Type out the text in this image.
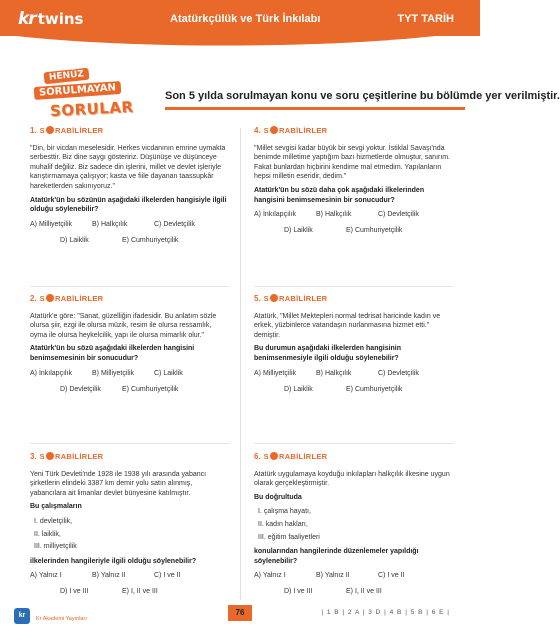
kr twins	Atatürkçülük ve Türk İnkılabı	TYT TARİH
HENÜZ
SORULMAYAN
SORULAR
Son 5 yılda sorulmayan konu ve soru çeşitlerine bu bölümde yer verilmiştir.
1. S RABİLİRLER
"Din, bir vicdan meselesidir. Herkes vicdanının emrine uymakta serbesttir. Biz dine saygı gösteririz. Düşünüşe ve düşünceye muhalif değiliz. Biz sadece din işlerini, millet ve devlet işleriyle karıştırmamaya çalışıyor; kasta ve fiile dayanan taassupkâr hareketlerden sakınıyoruz."
Atatürk'ün bu sözünün aşağıdaki ilkelerden hangisiyle ilgili olduğu söylenebilir?
A) Milliyetçilik	B) Halkçılık	C) Devletçilik
D) Laiklik	E) Cumhuriyetçilik
2. S RABİLİRLER
Atatürk'e göre: "Sanat, güzelliğin ifadesidir. Bu anlatım sözle olursa şiir, ezgi ile olursa müzik, resim ile olursa ressamlık, oyma ile olursa heykelcilik, yapı ile olursa mimarlık olur."
Atatürk'ün bu sözü aşağıdaki ilkelerden hangisini benimsemesinin bir sonucudur?
A) İnkılapçılık	B) Milliyetçilik	C) Laiklik
D) Devletçilik	E) Cumhuriyetçilik
3. S RABİLİRLER
Yeni Türk Devleti'nde 1928 ile 1938 yılı arasında yabancı şirketlerin elindeki 3387 km demir yolu satın alınmış, yabancılara ait limanlar devlet bünyesine katılmıştır.
Bu çalışmaların
I. devletçilik,
II. laiklik,
III. milliyetçilik
ilkelerinden hangileriyle ilgili olduğu söylenebilir?
A) Yalnız I	B) Yalnız II	C) I ve II
D) I ve III	E) I, II ve III
4. S RABİLİRLER
"Millet sevgisi kadar büyük bir sevgi yoktur. İstiklal Savaşı'nda benimde milletime yaptığım bazı hizmetlerde olmuştur, sanırım. Fakat bunlardan hiçbirini kendime mal etmedim. Yapılanların hepsi milletin eseridir, dedim."
Atatürk'ün bu sözü daha çok aşağıdaki ilkelerinden hangisini benimsemesinin bir sonucudur?
A) İnkılapçılık	B) Halkçılık	C) Devletçilik
D) Laiklik	E) Cumhuriyetçilik
5. S RABİLİRLER
Atatürk, "Millet Mektepleri normal tedrisat haricinde kadın ve erkek, yüzbinlerce vatandaşın nurlanmasına hizmet etti." demiştir.
Bu durumun aşağıdaki ilkelerden hangisinin benimsenmesiyle ilgili olduğu söylenebilir?
A) Milliyetçilik	B) Halkçılık	C) Devletçilik
D) Laiklik	E) Cumhuriyetçilik
6. S RABİLİRLER
Atatürk uygulamaya koyduğu inkılapları halkçılık ilkesine uygun olarak gerçekleştirmiştir.
Bu doğrultuda
I. çalışma hayatı,
II. kadın hakları,
III. eğitim faaliyetleri
konularından hangilerinde düzenlemeler yapıldığı söylenebilir?
A) Yalnız I	B) Yalnız II	C) I ve II
D) I ve III	E) I, II ve III
kr	Kr Akademi Yayınları
76	| 1 B | 2 A | 3 D | 4 B | 5 B | 6 E |
